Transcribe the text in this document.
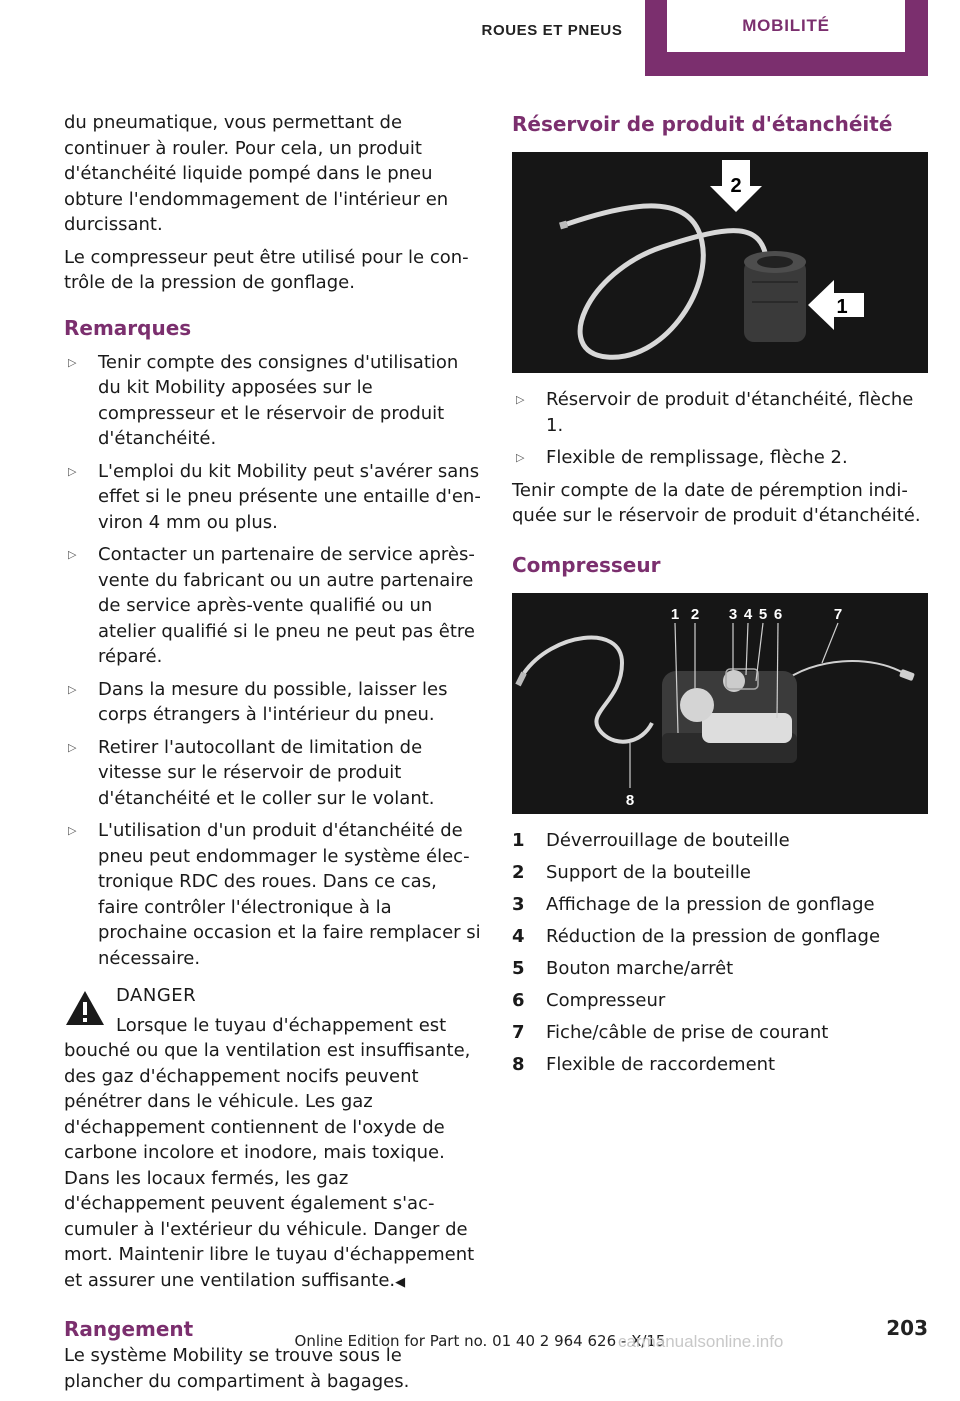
ROUES ET PNEUS	MOBILITÉ

du pneumatique, vous permettant de continuer à rouler. Pour cela, un produit d'étanchéité liquide pompé dans le pneu obture l'endommagement de l'intérieur en durcissant.

Le compresseur peut être utilisé pour le contrôle de la pression de gonflage.

Remarques
▷ Tenir compte des consignes d'utilisation du kit Mobility apposées sur le compresseur et le réservoir de produit d'étanchéité.
▷ L'emploi du kit Mobility peut s'avérer sans effet si le pneu présente une entaille d'environ 4 mm ou plus.
▷ Contacter un partenaire de service après-vente du fabricant ou un autre partenaire de service après-vente qualifié ou un atelier qualifié si le pneu ne peut pas être réparé.
▷ Dans la mesure du possible, laisser les corps étrangers à l'intérieur du pneu.
▷ Retirer l'autocollant de limitation de vitesse sur le réservoir de produit d'étanchéité et le coller sur le volant.
▷ L'utilisation d'un produit d'étanchéité de pneu peut endommager le système électronique RDC des roues. Dans ce cas, faire contrôler l'électronique à la prochaine occasion et la faire remplacer si nécessaire.

DANGER

Lorsque le tuyau d'échappement est bouché ou que la ventilation est insuffisante, des gaz d'échappement nocifs peuvent pénétrer dans le véhicule. Les gaz d'échappement contiennent de l'oxyde de carbone incolore et inodore, mais toxique. Dans les locaux fermés, les gaz d'échappement peuvent également s'accumuler à l'extérieur du véhicule. Danger de mort. Maintenir libre le tuyau d'échappement et assurer une ventilation suffisante.◀

Rangement

Le système Mobility se trouve sous le plancher du compartiment à bagages.

Réservoir de produit d'étanchéité
2
1
▷ Réservoir de produit d'étanchéité, flèche 1.
▷ Flexible de remplissage, flèche 2.

Tenir compte de la date de péremption indiquée sur le réservoir de produit d'étanchéité.

Compresseur
1 2 3 4 5 6	7
8
1	Déverrouillage de bouteille
2	Support de la bouteille
3	Affichage de la pression de gonflage
4	Réduction de la pression de gonflage
5	Bouton marche/arrêt
6	Compresseur
7	Fiche/câble de prise de courant
8	Flexible de raccordement
203
Online Edition for Part no. 01 40 2 964 626 - X/15
carmanualsonline.info
